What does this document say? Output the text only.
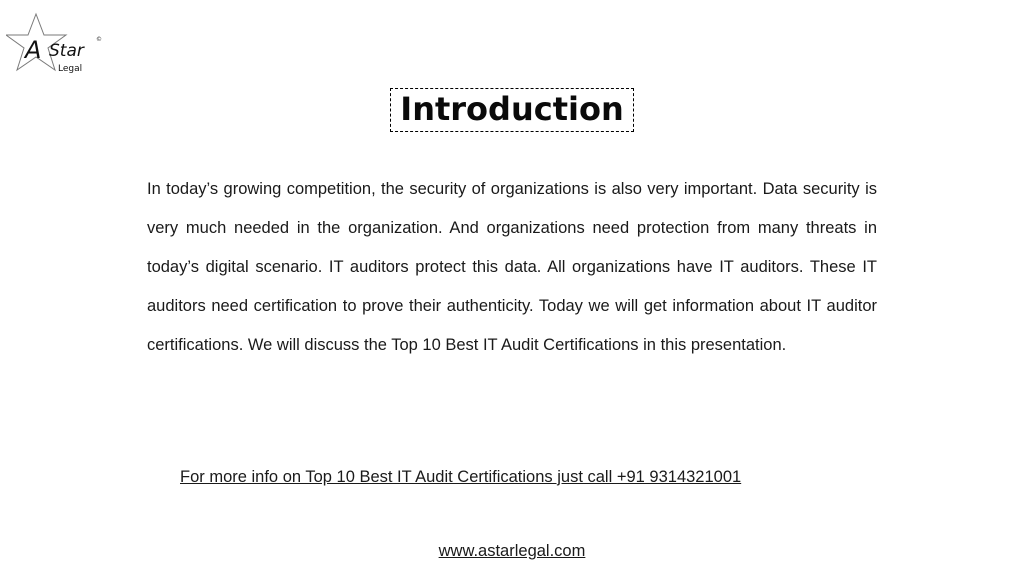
A Star
Legal
©
Introduction

In today’s growing competition, the security of organizations is also very important. Data security is very much needed in the organization. And organizations need protection from many threats in today’s digital scenario. IT auditors protect this data. All organizations have IT auditors. These IT auditors need certification to prove their authenticity. Today we will get information about IT auditor certifications. We will discuss the Top 10 Best IT Audit Certifications in this presentation.

For more info on Top 10 Best IT Audit Certifications just call +91 9314321001
www.astarlegal.com
